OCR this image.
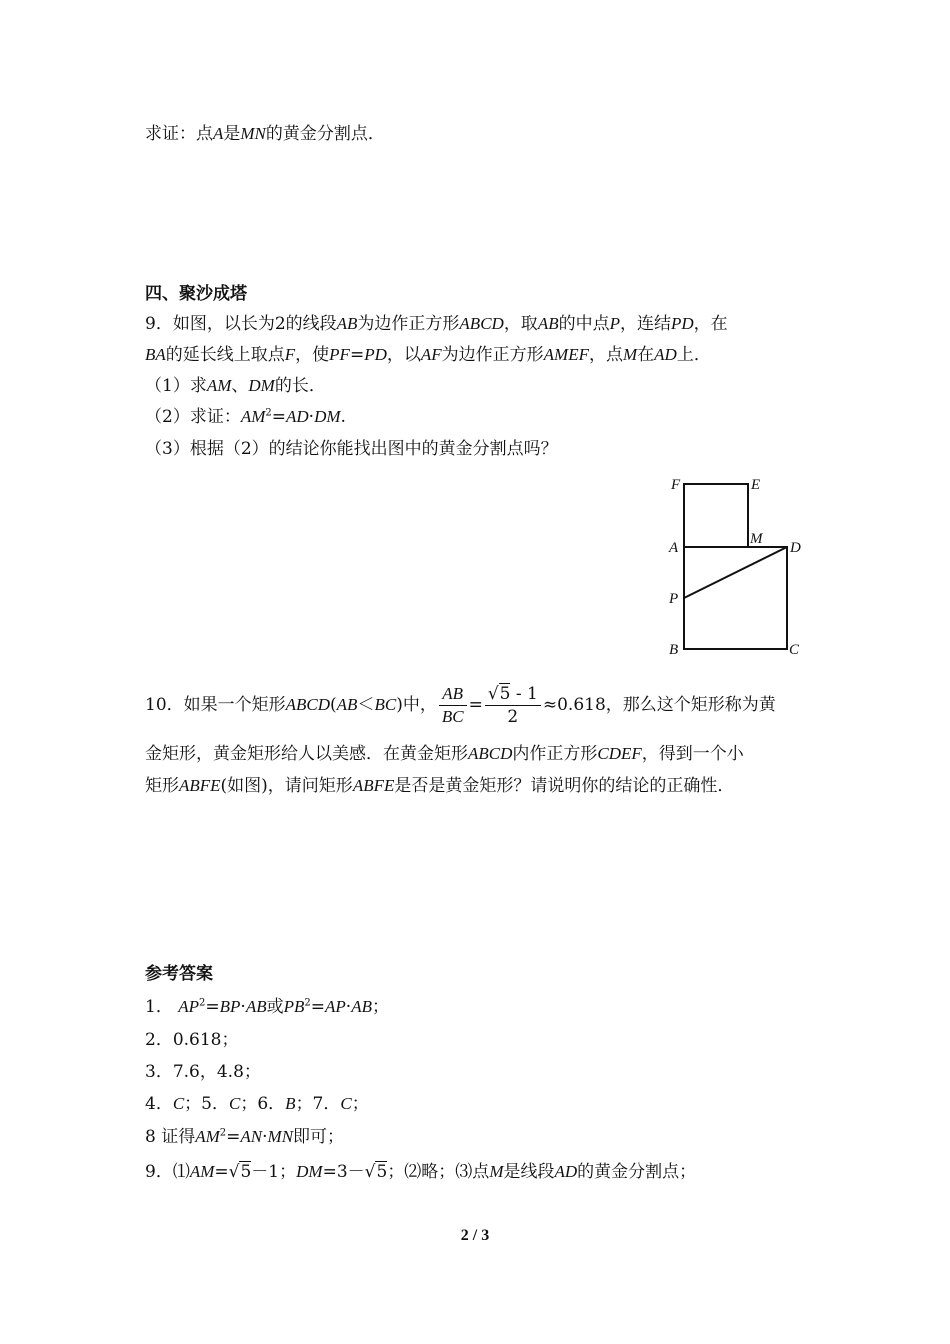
求证：点A是MN的黄金分割点．
四、聚沙成塔
9．如图，以长为2的线段AB为边作正方形ABCD，取AB的中点P，连结PD，在
BA的延长线上取点F，使PF=PD，以AF为边作正方形AMEF，点M在AD上．
（1）求AM、DM的长．
（2）求证：$AM^2=AD\cdot DM$.
（3）根据（2）的结论你能找出图中的黄金分割点吗？
F	E
A
M
D
P
B	C
10．如果一个矩形ABCD(AB＜BC)中， $\frac{AB}{BC} = \frac{√5 - 1}{2} \approx 0.618$，那么这个矩形称为黄
金矩形，黄金矩形给人以美感．在黄金矩形ABCD内作正方形CDEF，得到一个小
矩形ABFE(如图)，请问矩形ABFE是否是黄金矩形？请说明你的结论的正确性．
参考答案
1． $AP^2=BP\cdot AB$或$PB^2=AP\cdot AB$；
2．0.618；
3．7.6，4.8；
4．C；5．C；6．B；7．C；
8 证得$AM^2=AN\cdot MN$即可；
9．⑴AM=√5－1；DM=3－√5；⑵略；⑶点M是线段AD的黄金分割点；
2 / 3
